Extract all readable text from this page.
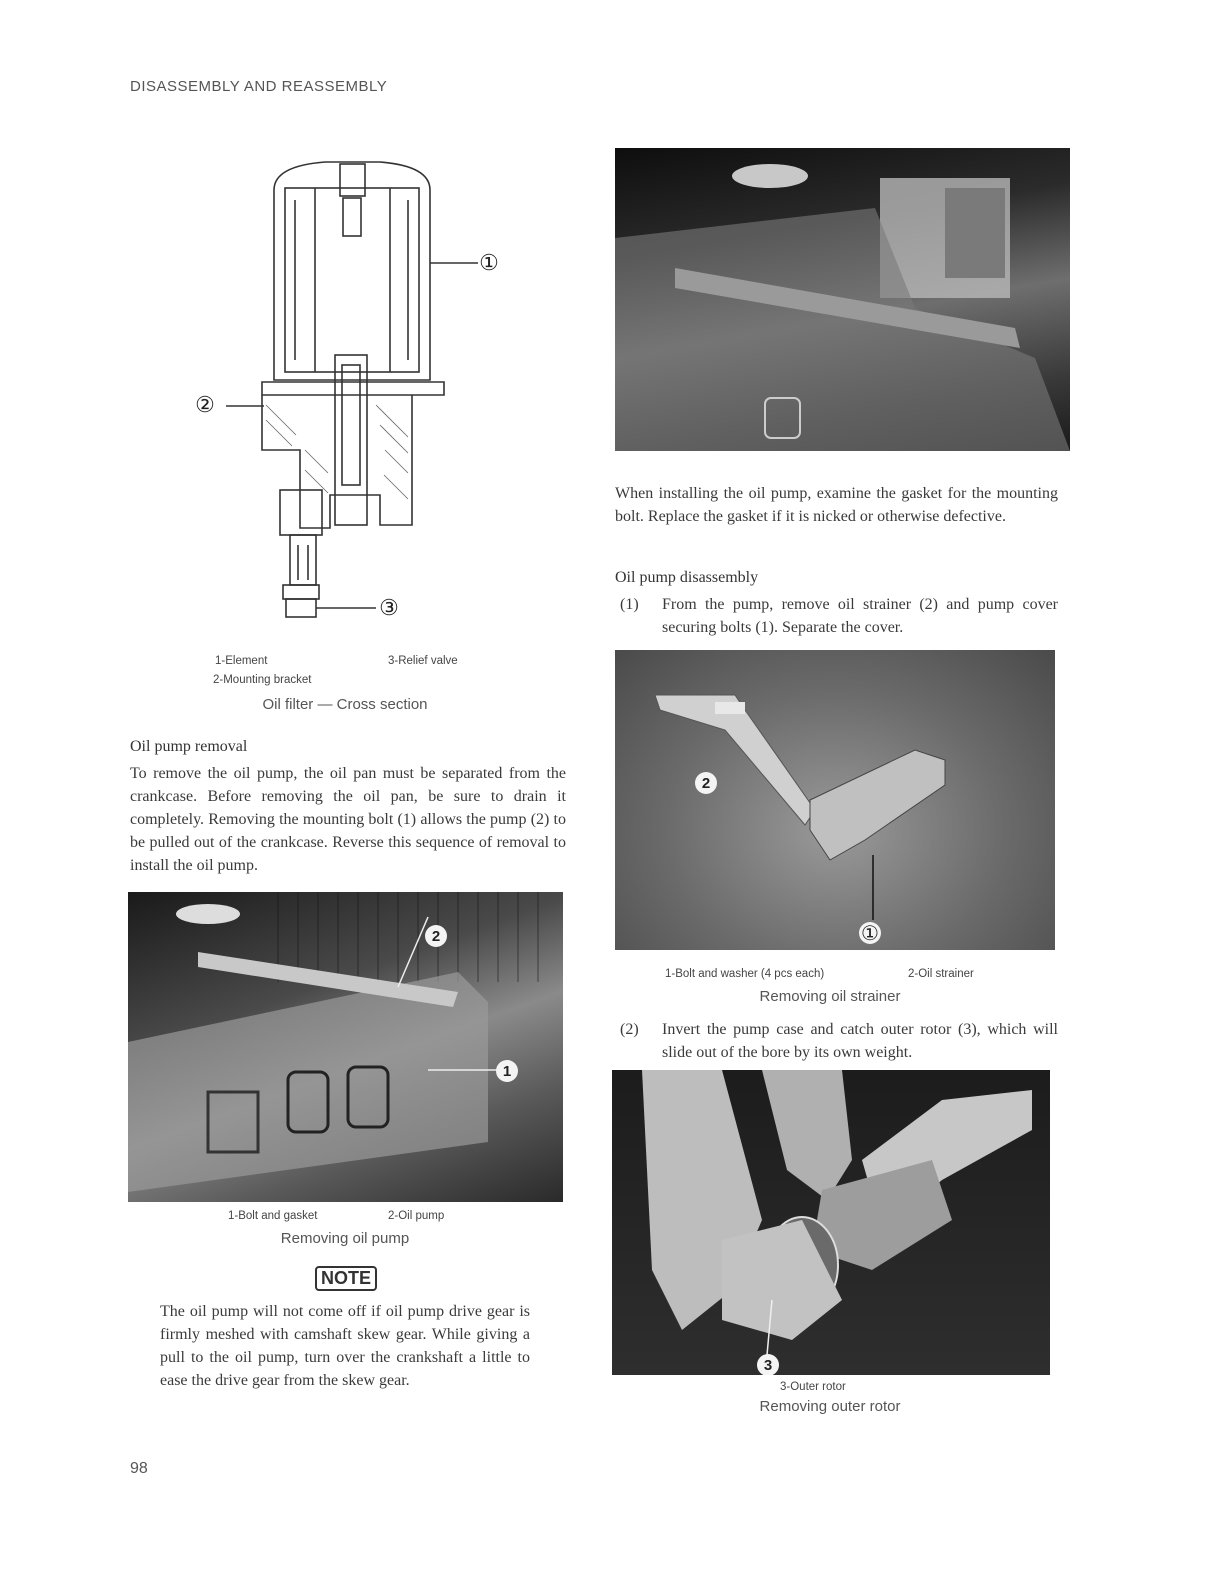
DISASSEMBLY AND REASSEMBLY
①
②
③
1-Element	3-Relief valve
2-Mounting bracket
Oil filter — Cross section
Oil pump removal
To remove the oil pump, the oil pan must be separated from the crankcase. Before removing the oil pan, be sure to drain it completely. Removing the mounting bolt (1) allows the pump (2) to be pulled out of the crankcase. Reverse this sequence of removal to install the oil pump.
2
1
1-Bolt and gasket	2-Oil pump
Removing oil pump
NOTE
The oil pump will not come off if oil pump drive gear is firmly meshed with camshaft skew gear. While giving a pull to the oil pump, turn over the crankshaft a little to ease the drive gear from the skew gear.
98
When installing the oil pump, examine the gasket for the mounting bolt. Replace the gasket if it is nicked or otherwise defective.
Oil pump disassembly
(1)	From the pump, remove oil strainer (2) and pump cover securing bolts (1). Separate the cover.
2
①
1-Bolt and washer (4 pcs each)	2-Oil strainer
Removing oil strainer
(2)	Invert the pump case and catch outer rotor (3), which will slide out of the bore by its own weight.
3
3-Outer rotor
Removing outer rotor
